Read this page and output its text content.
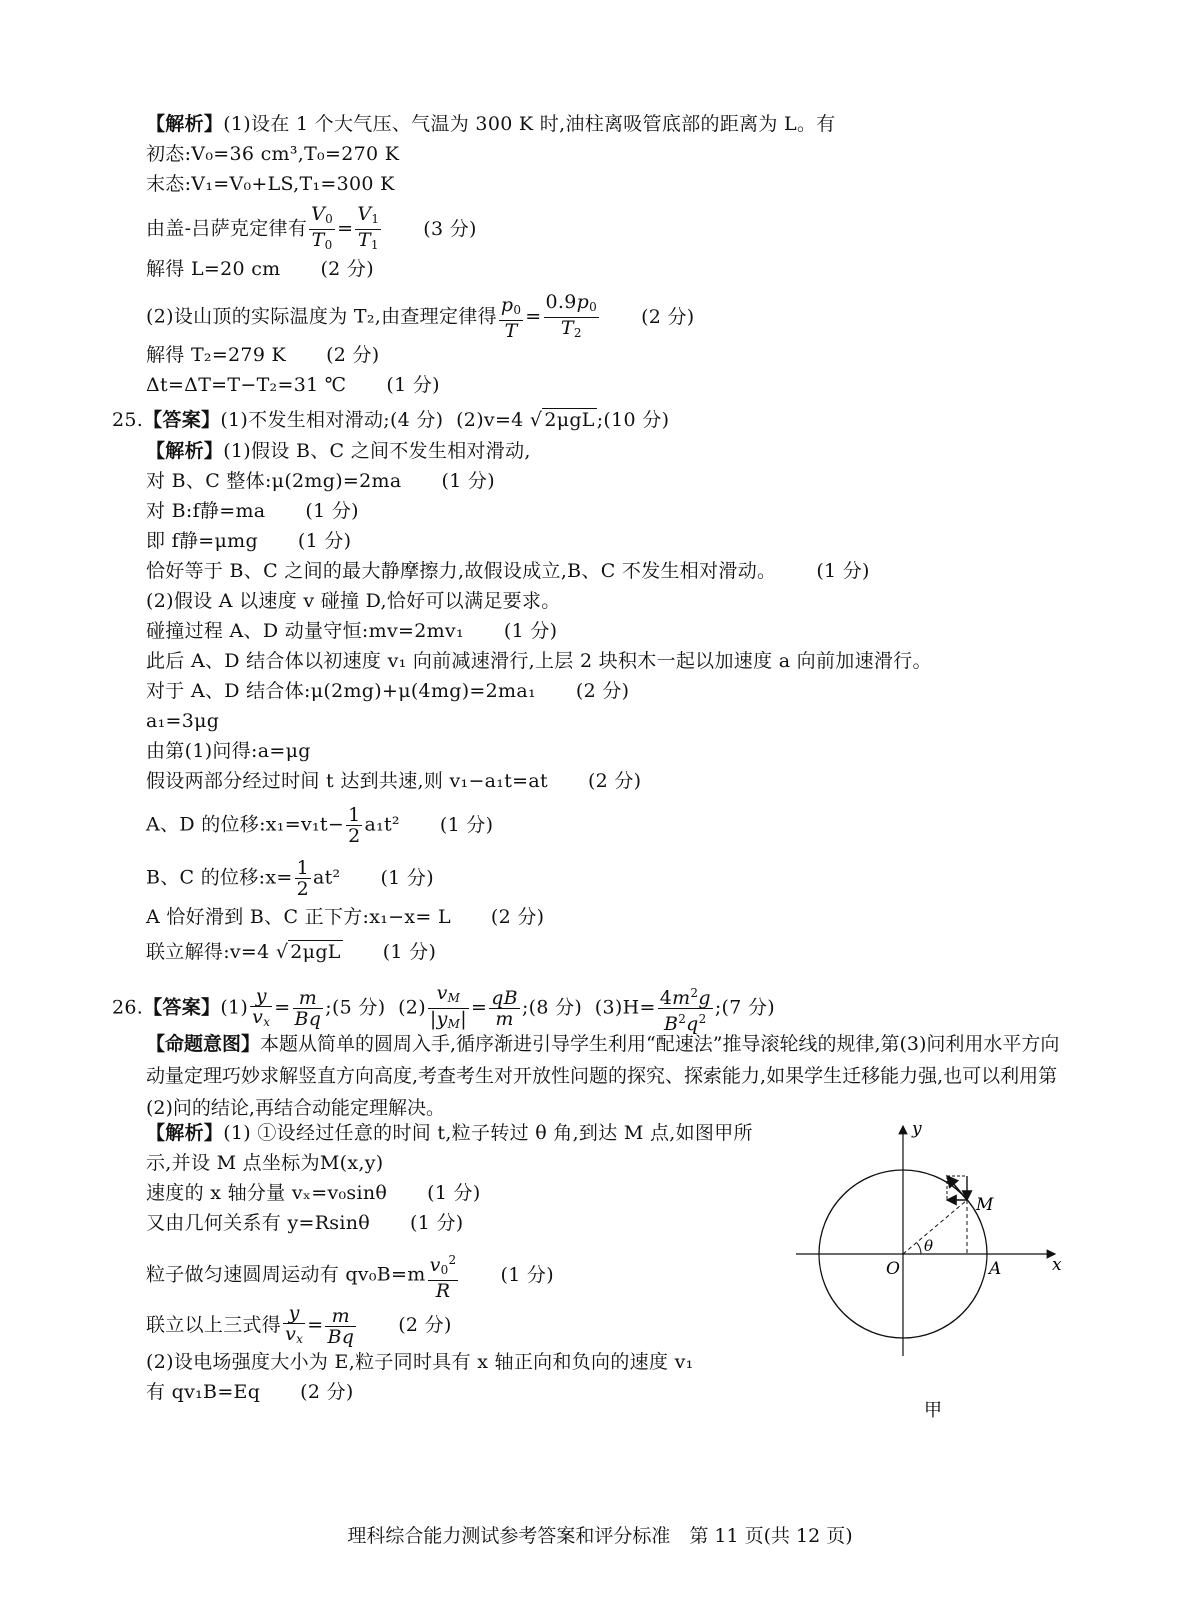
【解析】(1)设在 1 个大气压、气温为 300 K 时,油柱离吸管底部的距离为 L。有
初态:V₀=36 cm³,T₀=270 K
末态:V₁=V₀+LS,T₁=300 K
由盖-吕萨克定律有 $\frac{V_0}{T_0} = \frac{V_1}{T_1} (3$ 分)
解得 L=20 cm (2 分)
(2)设山顶的实际温度为 T₂,由查理定律得 $\frac{p_0}{T} = \frac{0.9p_0}{T_2} (2$ 分)
解得 T₂=279 K (2 分)
Δt=ΔT=T−T₂=31 ℃ (1 分)
25.【答案】(1)不发生相对滑动;(4 分) (2)v=4 √ 2μgL ;(10 分)
【解析】(1)假设 B、C 之间不发生相对滑动,
对 B、C 整体:μ(2mg)=2ma (1 分)
对 B:f静=ma (1 分)
即 f静=μmg (1 分)
恰好等于 B、C 之间的最大静摩擦力,故假设成立,B、C 不发生相对滑动。 (1 分)
(2)假设 A 以速度 v 碰撞 D,恰好可以满足要求。
碰撞过程 A、D 动量守恒:mv=2mv₁ (1 分)
此后 A、D 结合体以初速度 v₁ 向前减速滑行,上层 2 块积木一起以加速度 a 向前加速滑行。
对于 A、D 结合体:μ(2mg)+μ(4mg)=2ma₁ (2 分)
a₁=3μg
由第(1)问得:a=μg
假设两部分经过时间 t 达到共速,则 v₁−a₁t=at (2 分)
A、D 的位移:x₁=v₁t− $\frac{1}{2} a_1t^2$ (1 分)
B、C 的位移:x= $\frac{1}{2} at^2$ (1 分)
A 恰好滑到 B、C 正下方:x₁−x= L (2 分)
联立解得:v=4 √ 2μgL (1 分)
26.【答案】$(1) \frac{y}{v_x} = \frac{m}{Bq}$ ;(5 分) $(2) \frac{v_M}{|y_M|} = \frac{qB}{m}$ ;(8 分) $(3)H= \frac{4m^2g}{B^2q^2}$ ;(7 分)
【命题意图】本题从简单的圆周入手,循序渐进引导学生利用“配速法”推导滚轮线的规律,第(3)问利用水平方向动量定理巧妙求解竖直方向高度,考查考生对开放性问题的探究、探索能力,如果学生迁移能力强,也可以利用第(2)问的结论,再结合动能定理解决。
【解析】(1) ①设经过任意的时间 t,粒子转过 θ 角,到达 M 点,如图甲所
示,并设 M 点坐标为M(x,y)
速度的 x 轴分量 vₓ=v₀sinθ (1 分)
又由几何关系有 y=Rsinθ (1 分)
粒子做匀速圆周运动有 $qv_0B=m \frac{v_0^2}{R} (1$ 分)
联立以上三式得 $\frac{y}{v_x} = \frac{m}{Bq} (2$ 分)
(2)设电场强度大小为 E,粒子同时具有 x 轴正向和负向的速度 v₁
有 qv₁B=Eq (2 分)
y
x
O	A
M
θ
甲
理科综合能力测试参考答案和评分标准　第 11 页(共 12 页)
